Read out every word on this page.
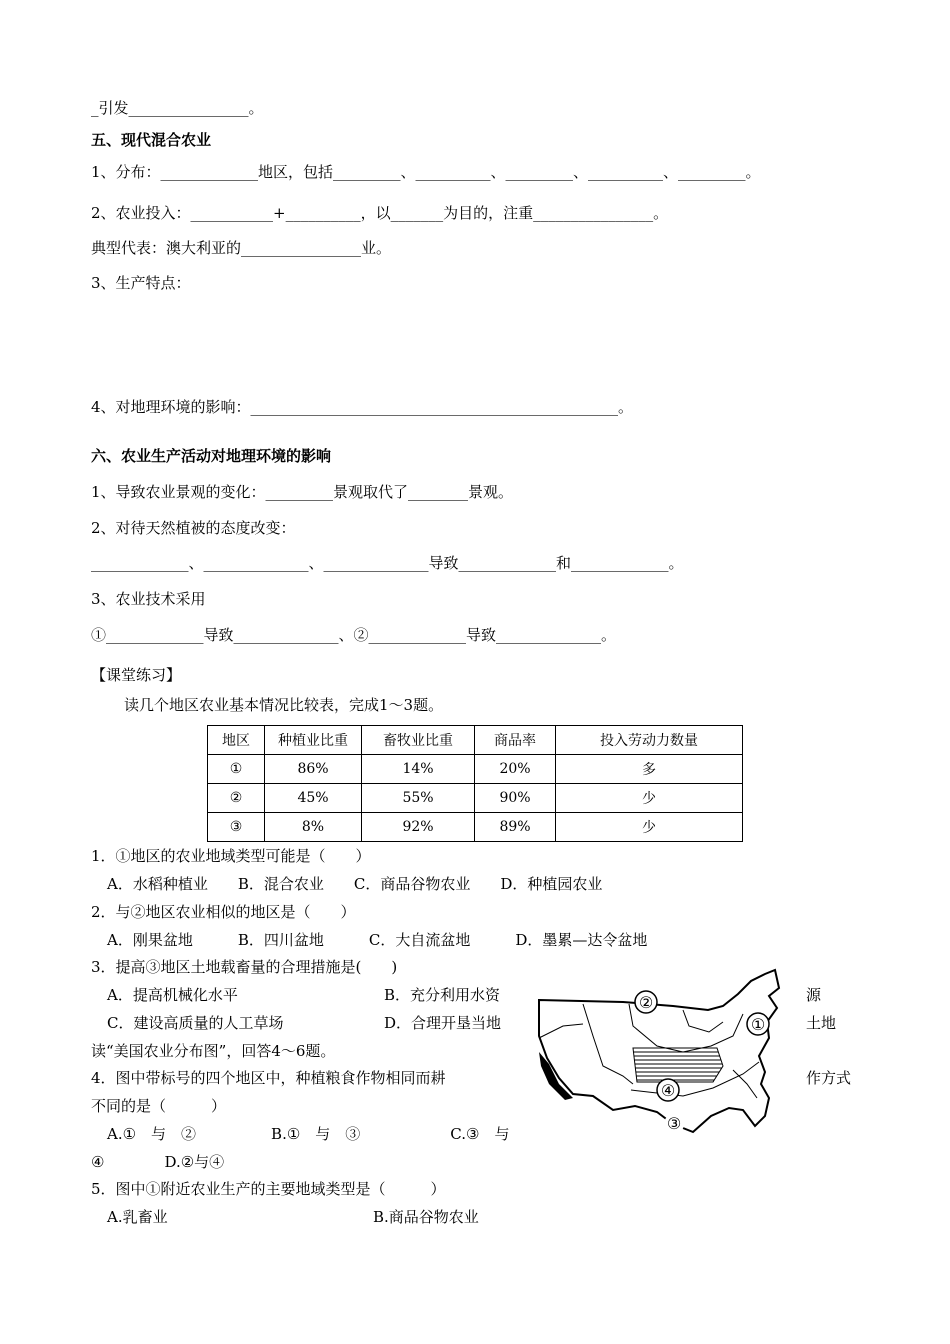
_引发________________。
五、现代混合农业
1、分布：_____________地区，包括_________、__________、_________、__________、_________。
2、农业投入：___________+__________，以_______为目的，注重________________。
典型代表：澳大利亚的________________业。
3、生产特点：
4、对地理环境的影响：_________________________________________________。
六、农业生产活动对地理环境的影响
1、导致农业景观的变化：_________景观取代了________景观。
2、对待天然植被的态度改变：
_____________、______________、______________导致_____________和_____________。
3、农业技术采用
①_____________导致______________、②_____________导致______________。
【课堂练习】
读几个地区农业基本情况比较表，完成1～3题。
地区	种植业比重	畜牧业比重	商品率	投入劳动力数量
①	86%	14%	20%	多
②	45%	55%	90%	少
③	8%	92%	89%	少
1．①地区的农业地域类型可能是（　　）
A．水稻种植业　　B．混合农业　　C．商品谷物农业　　D．种植园农业
2．与②地区农业相似的地区是（　　）
A．刚果盆地　　　B．四川盆地　　　C．大自流盆地　　　D．墨累—达令盆地
3．提高③地区土地载畜量的合理措施是(　　)
A．提高机械化水平	B．充分利用水资	源
C．建设高质量的人工草场	D．合理开垦当地	土地
读“美国农业分布图”，回答4～6题。
4．图中带标号的四个地区中，种植粮食作物相同而耕	作方式
不同的是（　　　）
A.①　与　②　　　　　B.①　与　③　　　　　　C.③　与
④　　　　D.②与④
5．图中①附近农业生产的主要地域类型是（　　　）
A.乳畜业	B.商品谷物农业
②
①
④
③
